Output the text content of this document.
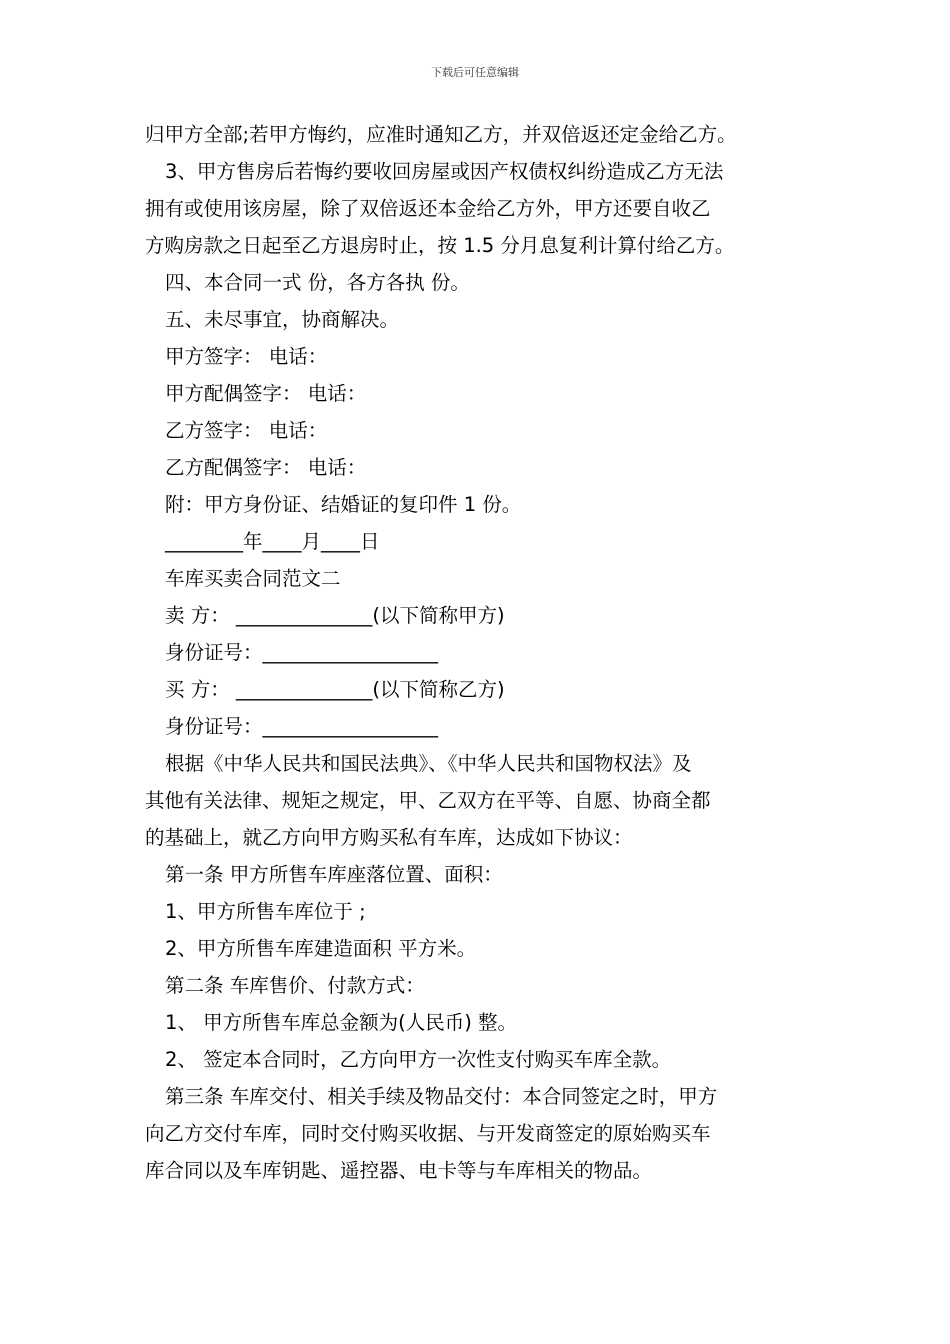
下载后可任意编辑
归甲方全部;若甲方悔约，应准时通知乙方，并双倍返还定金给乙方。
3、甲方售房后若悔约要收回房屋或因产权债权纠纷造成乙方无法
拥有或使用该房屋，除了双倍返还本金给乙方外，甲方还要自收乙
方购房款之日起至乙方退房时止，按 1.5 分月息复利计算付给乙方。
四、本合同一式 份，各方各执 份。
五、未尽事宜，协商解决。
甲方签字： 电话：
甲方配偶签字： 电话：
乙方签字： 电话：
乙方配偶签字： 电话：
附：甲方身份证、结婚证的复印件 1 份。
________年____月____日
车库买卖合同范文二
卖 方： ______________(以下简称甲方)
身份证号：__________________
买 方： ______________(以下简称乙方)
身份证号：__________________
根据《中华人民共和国民法典》、《中华人民共和国物权法》及
其他有关法律、规矩之规定，甲、乙双方在平等、自愿、协商全都
的基础上，就乙方向甲方购买私有车库，达成如下协议：
第一条 甲方所售车库座落位置、面积：
1、甲方所售车库位于 ;
2、甲方所售车库建造面积 平方米。
第二条 车库售价、付款方式：
1、 甲方所售车库总金额为(人民币) 整。
2、 签定本合同时，乙方向甲方一次性支付购买车库全款。
第三条 车库交付、相关手续及物品交付：本合同签定之时，甲方
向乙方交付车库，同时交付购买收据、与开发商签定的原始购买车
库合同以及车库钥匙、遥控器、电卡等与车库相关的物品。
